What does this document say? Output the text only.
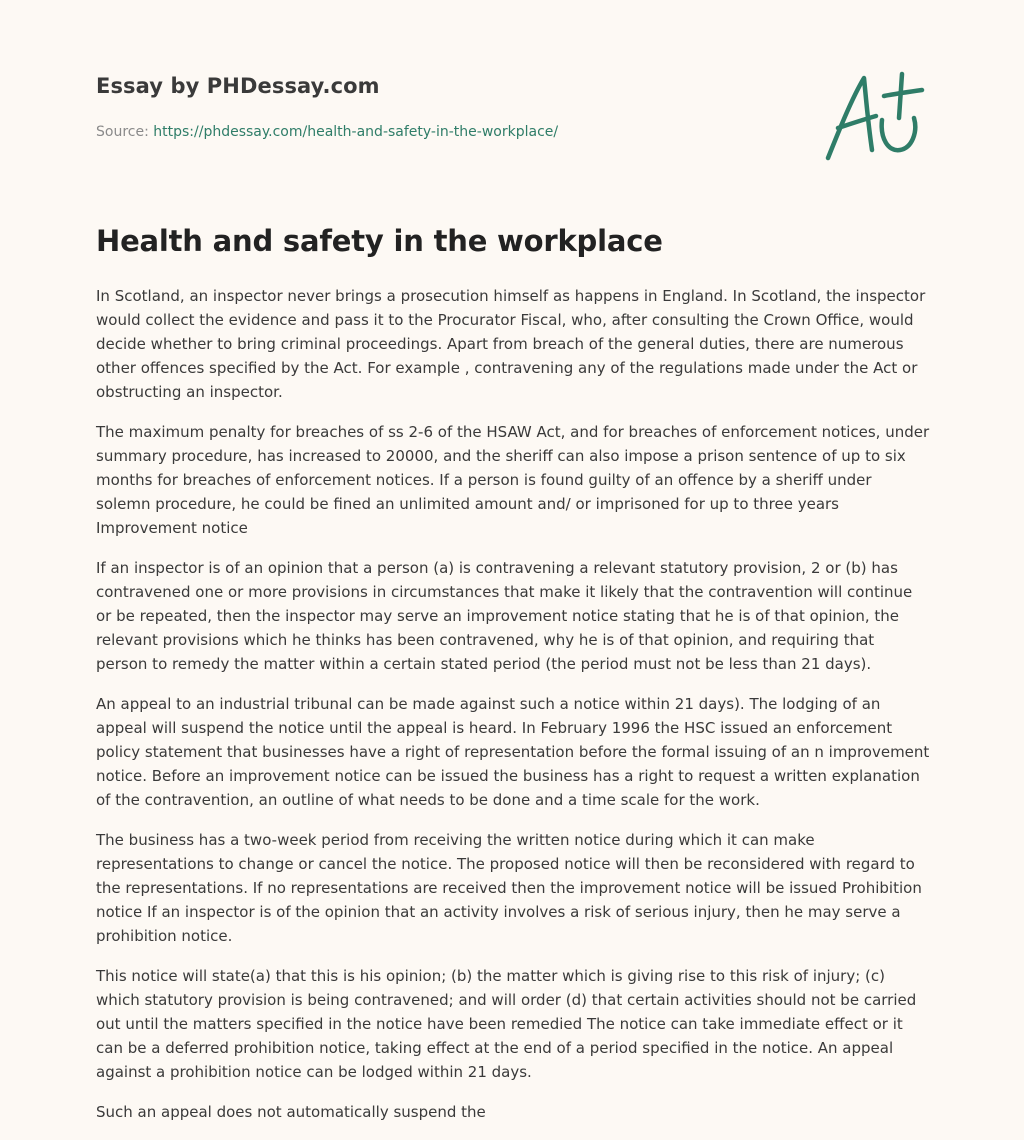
Essay by PHDessay.com
Source: https://phdessay.com/health-and-safety-in-the-workplace/
Health and safety in the workplace

In Scotland, an inspector never brings a prosecution himself as happens in England. In Scotland, the inspector would collect the evidence and pass it to the Procurator Fiscal, who, after consulting the Crown Office, would decide whether to bring criminal proceedings. Apart from breach of the general duties, there are numerous other offences specified by the Act. For example , contravening any of the regulations made under the Act or obstructing an inspector.

The maximum penalty for breaches of ss 2-6 of the HSAW Act, and for breaches of enforcement notices, under summary procedure, has increased to 20000, and the sheriff can also impose a prison sentence of up to six months for breaches of enforcement notices. If a person is found guilty of an offence by a sheriff under solemn procedure, he could be fined an unlimited amount and/ or imprisoned for up to three years Improvement notice

If an inspector is of an opinion that a person (a) is contravening a relevant statutory provision, 2 or (b) has contravened one or more provisions in circumstances that make it likely that the contravention will continue or be repeated, then the inspector may serve an improvement notice stating that he is of that opinion, the relevant provisions which he thinks has been contravened, why he is of that opinion, and requiring that person to remedy the matter within a certain stated period (the period must not be less than 21 days).

An appeal to an industrial tribunal can be made against such a notice within 21 days). The lodging of an appeal will suspend the notice until the appeal is heard. In February 1996 the HSC issued an enforcement policy statement that businesses have a right of representation before the formal issuing of an n improvement notice. Before an improvement notice can be issued the business has a right to request a written explanation of the contravention, an outline of what needs to be done and a time scale for the work.

The business has a two-week period from receiving the written notice during which it can make representations to change or cancel the notice. The proposed notice will then be reconsidered with regard to the representations. If no representations are received then the improvement notice will be issued Prohibition notice If an inspector is of the opinion that an activity involves a risk of serious injury, then he may serve a prohibition notice.

This notice will state(a) that this is his opinion; (b) the matter which is giving rise to this risk of injury; (c) which statutory provision is being contravened; and will order (d) that certain activities should not be carried out until the matters specified in the notice have been remedied The notice can take immediate effect or it can be a deferred prohibition notice, taking effect at the end of a period specified in the notice. An appeal against a prohibition notice can be lodged within 21 days.

Such an appeal does not automatically suspend the
